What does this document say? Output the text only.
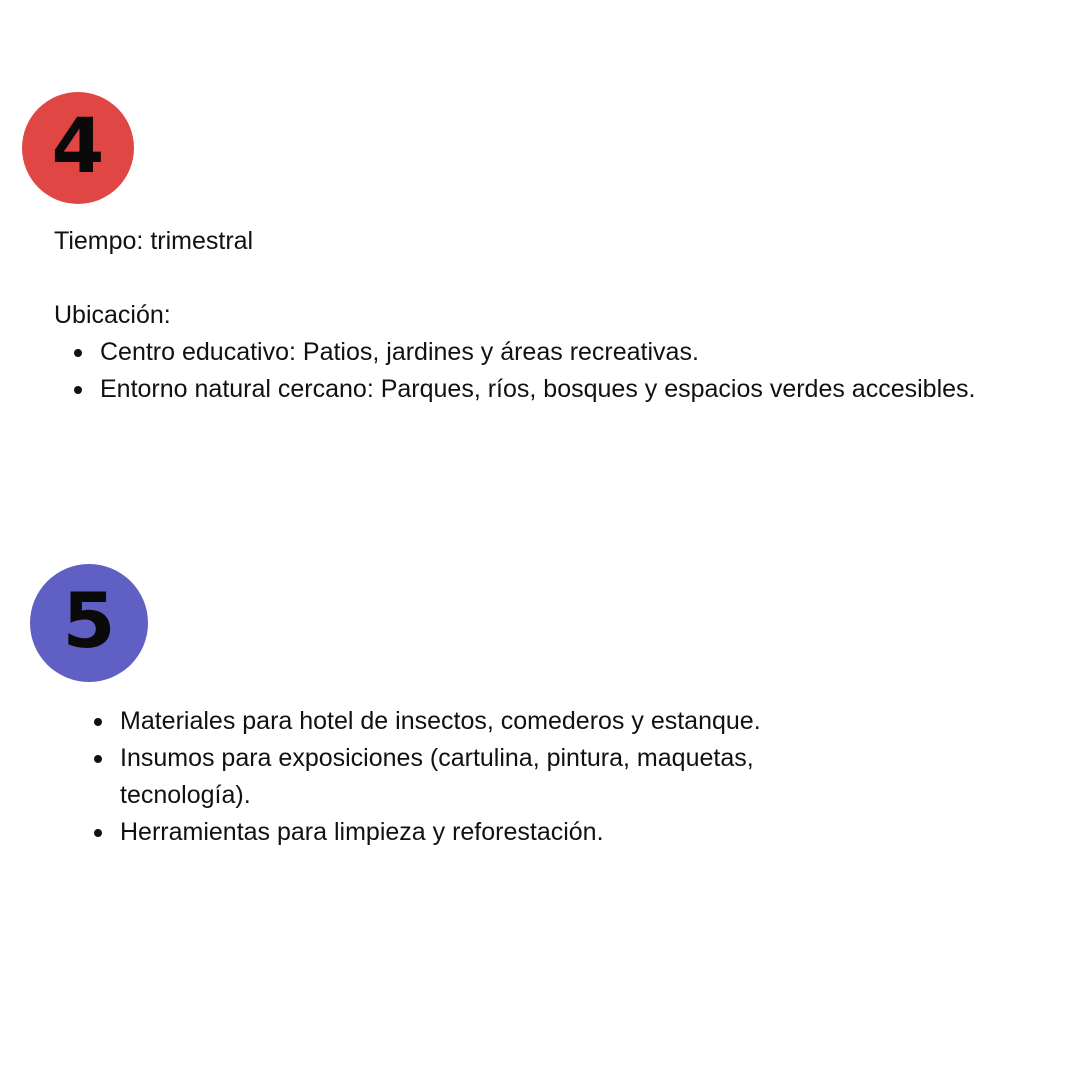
4

Tiempo: trimestral

Ubicación:

Centro educativo: Patios, jardines y áreas recreativas.
Entorno natural cercano: Parques, ríos, bosques y espacios verdes accesibles.
5
Materiales para hotel de insectos, comederos y estanque.
Insumos para exposiciones (cartulina, pintura, maquetas, tecnología).
Herramientas para limpieza y reforestación.
